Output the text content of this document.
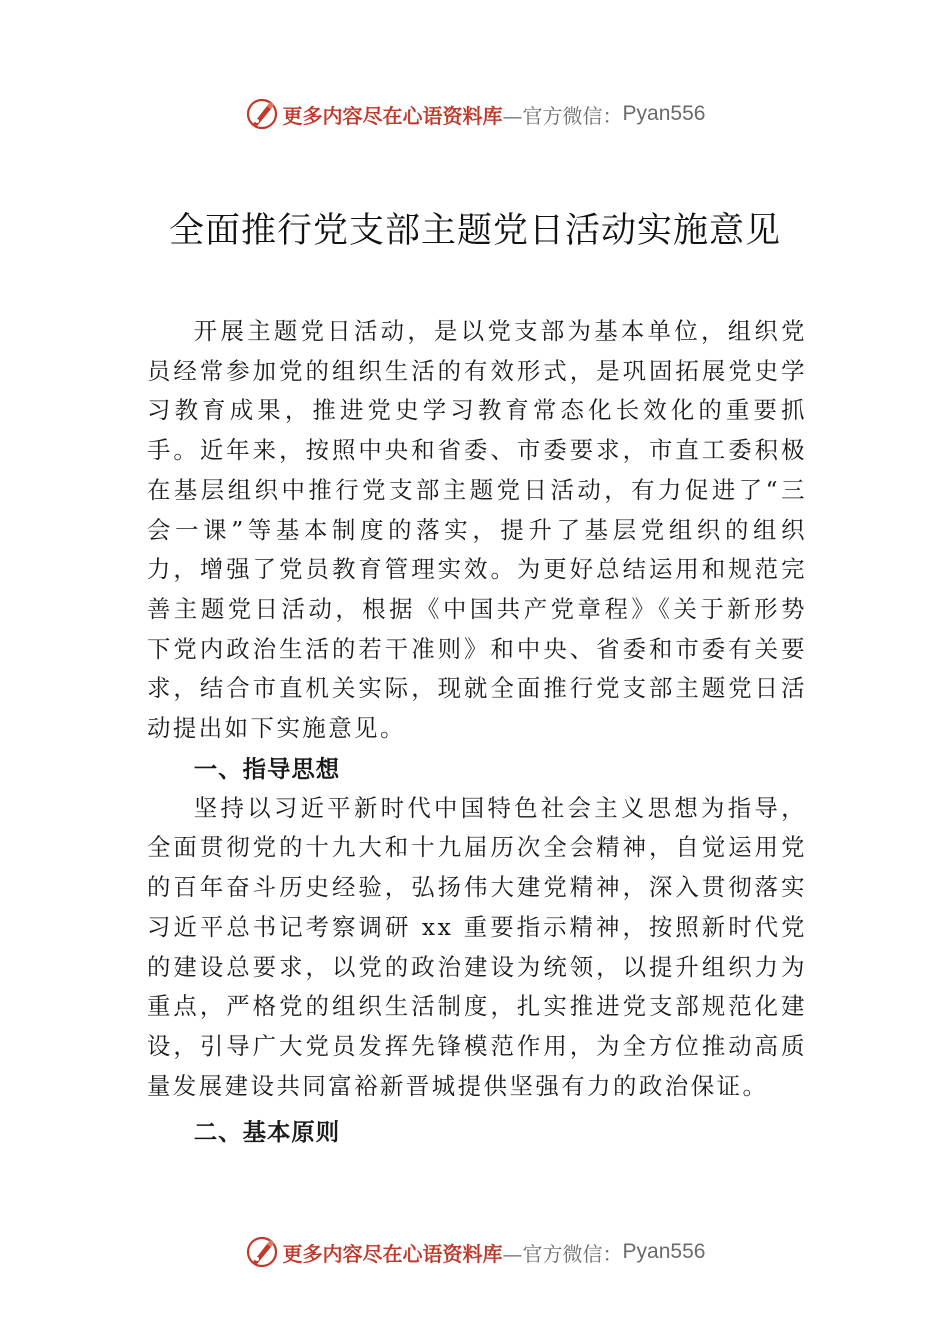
更多内容尽在心语资料库 —官方微信： Pyan556
全面推行党支部主题党日活动实施意见

开展主题党日活动，是以党支部为基本单位，组织党员经常参加党的组织生活的有效形式，是巩固拓展党史学习教育成果，推进党史学习教育常态化长效化的重要抓手。近年来，按照中央和省委、市委要求，市直工委积极在基层组织中推行党支部主题党日活动，有力促进了“三会一课”等基本制度的落实，提升了基层党组织的组织力，增强了党员教育管理实效。为更好总结运用和规范完善主题党日活动，根据《中国共产党章程》《关于新形势下党内政治生活的若干准则》和中央、省委和市委有关要求，结合市直机关实际，现就全面推行党支部主题党日活动提出如下实施意见。

一、指导思想

坚持以习近平新时代中国特色社会主义思想为指导，全面贯彻党的十九大和十九届历次全会精神，自觉运用党的百年奋斗历史经验，弘扬伟大建党精神，深入贯彻落实习近平总书记考察调研 xx 重要指示精神，按照新时代党的建设总要求，以党的政治建设为统领，以提升组织力为重点，严格党的组织生活制度，扎实推进党支部规范化建设，引导广大党员发挥先锋模范作用，为全方位推动高质量发展建设共同富裕新晋城提供坚强有力的政治保证。

二、基本原则
更多内容尽在心语资料库 —官方微信： Pyan556
